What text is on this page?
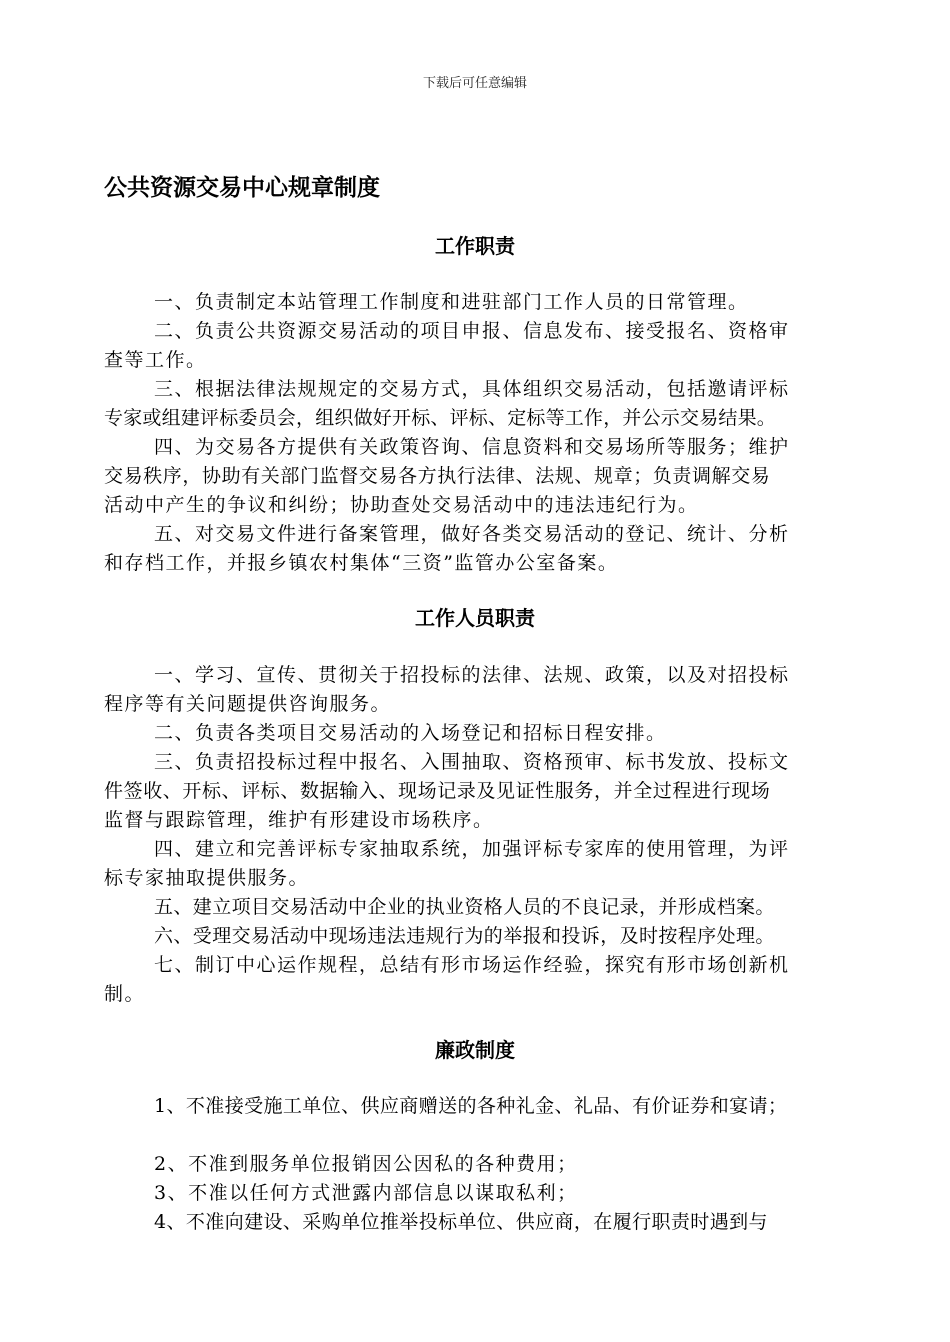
下载后可任意编辑
公共资源交易中心规章制度
工作职责
一、负责制定本站管理工作制度和进驻部门工作人员的日常管理。
二、负责公共资源交易活动的项目申报、信息发布、接受报名、资格审
查等工作。
三、根据法律法规规定的交易方式，具体组织交易活动，包括邀请评标
专家或组建评标委员会，组织做好开标、评标、定标等工作，并公示交易结果。
四、为交易各方提供有关政策咨询、信息资料和交易场所等服务；维护
交易秩序，协助有关部门监督交易各方执行法律、法规、规章；负责调解交易
活动中产生的争议和纠纷；协助查处交易活动中的违法违纪行为。
五、对交易文件进行备案管理，做好各类交易活动的登记、统计、分析
和存档工作，并报乡镇农村集体“三资”监管办公室备案。
工作人员职责
一、学习、宣传、贯彻关于招投标的法律、法规、政策，以及对招投标
程序等有关问题提供咨询服务。
二、负责各类项目交易活动的入场登记和招标日程安排。
三、负责招投标过程中报名、入围抽取、资格预审、标书发放、投标文
件签收、开标、评标、数据输入、现场记录及见证性服务，并全过程进行现场
监督与跟踪管理，维护有形建设市场秩序。
四、建立和完善评标专家抽取系统，加强评标专家库的使用管理，为评
标专家抽取提供服务。
五、建立项目交易活动中企业的执业资格人员的不良记录，并形成档案。
六、受理交易活动中现场违法违规行为的举报和投诉，及时按程序处理。
七、制订中心运作规程，总结有形市场运作经验，探究有形市场创新机
制。
廉政制度
1、不准接受施工单位、供应商赠送的各种礼金、礼品、有价证券和宴请；
2、不准到服务单位报销因公因私的各种费用；
3、不准以任何方式泄露内部信息以谋取私利；
4、不准向建设、采购单位推举投标单位、供应商，在履行职责时遇到与
